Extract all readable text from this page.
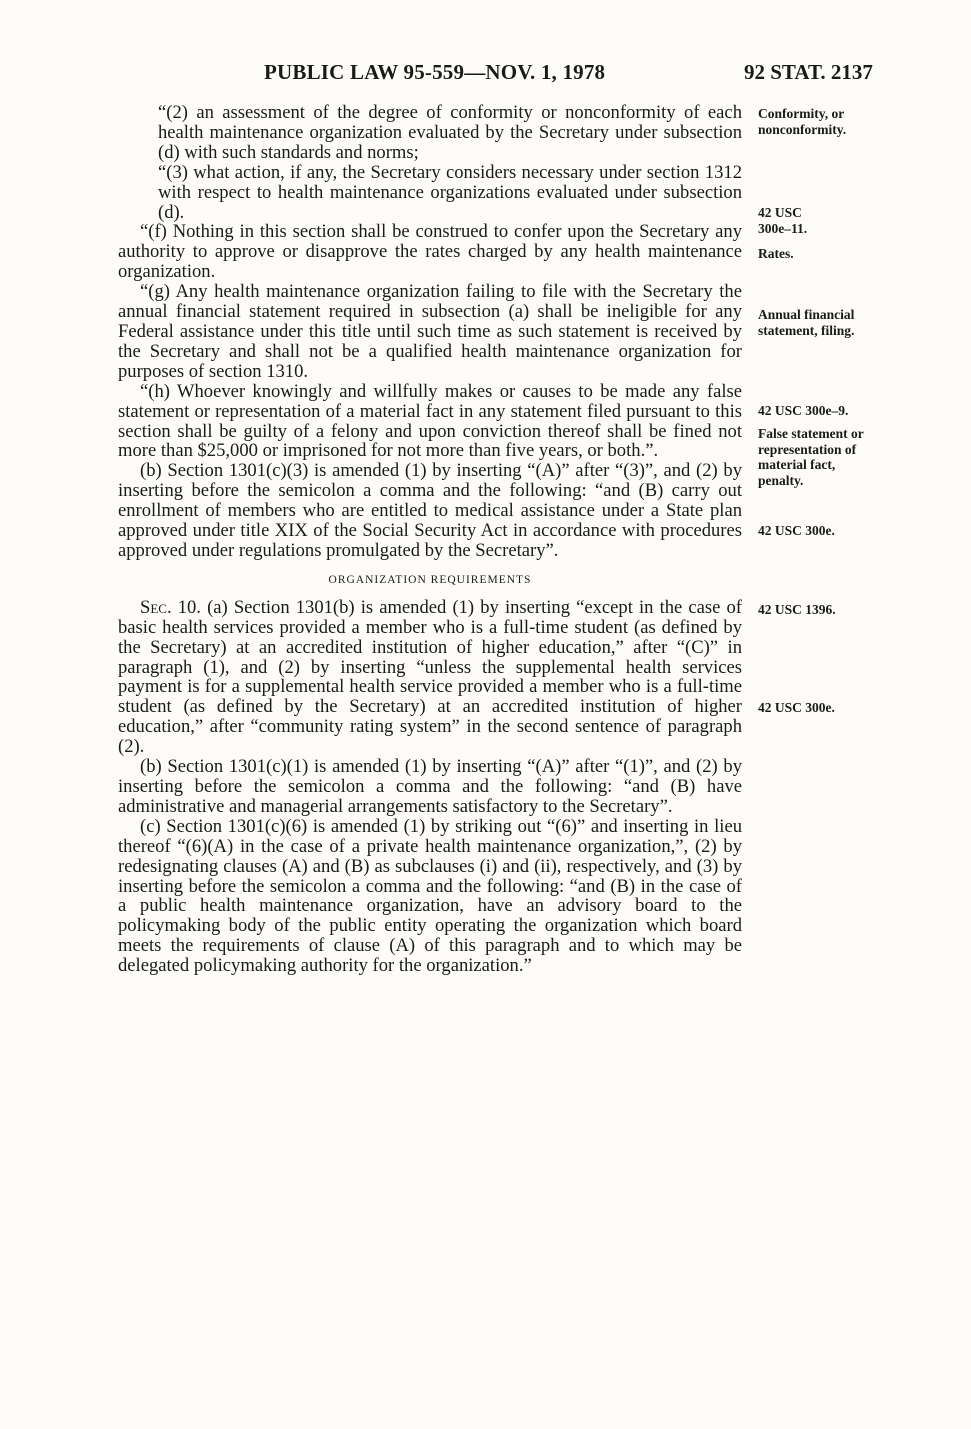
PUBLIC LAW 95-559—NOV. 1, 1978	92 STAT. 2137

“(2) an assessment of the degree of conformity or nonconformity of each health maintenance organization evaluated by the Secretary under subsection (d) with such standards and norms;

“(3) what action, if any, the Secretary considers necessary under section 1312 with respect to health maintenance organizations evaluated under subsection (d).

“(f) Nothing in this section shall be construed to confer upon the Secretary any authority to approve or disapprove the rates charged by any health maintenance organization.

“(g) Any health maintenance organization failing to file with the Secretary the annual financial statement required in subsection (a) shall be ineligible for any Federal assistance under this title until such time as such statement is received by the Secretary and shall not be a qualified health maintenance organization for purposes of section 1310.

“(h) Whoever knowingly and willfully makes or causes to be made any false statement or representation of a material fact in any statement filed pursuant to this section shall be guilty of a felony and upon conviction thereof shall be fined not more than $25,000 or imprisoned for not more than five years, or both.”.

(b) Section 1301(c)(3) is amended (1) by inserting “(A)” after “(3)”, and (2) by inserting before the semicolon a comma and the following: “and (B) carry out enrollment of members who are entitled to medical assistance under a State plan approved under title XIX of the Social Security Act in accordance with procedures approved under regulations promulgated by the Secretary”.

ORGANIZATION REQUIREMENTS

Sec. 10. (a) Section 1301(b) is amended (1) by inserting “except in the case of basic health services provided a member who is a full-time student (as defined by the Secretary) at an accredited institution of higher education,” after “(C)” in paragraph (1), and (2) by inserting “unless the supplemental health services payment is for a supplemental health service provided a member who is a full-time student (as defined by the Secretary) at an accredited institution of higher education,” after “community rating system” in the second sentence of paragraph (2).

(b) Section 1301(c)(1) is amended (1) by inserting “(A)” after “(1)”, and (2) by inserting before the semicolon a comma and the following: “and (B) have administrative and managerial arrangements satisfactory to the Secretary”.

(c) Section 1301(c)(6) is amended (1) by striking out “(6)” and inserting in lieu thereof “(6)(A) in the case of a private health maintenance organization,”, (2) by redesignating clauses (A) and (B) as subclauses (i) and (ii), respectively, and (3) by inserting before the semicolon a comma and the following: “and (B) in the case of a public health maintenance organization, have an advisory board to the policymaking body of the public entity operating the organization which board meets the requirements of clause (A) of this paragraph and to which may be delegated policymaking authority for the organization.”

Conformity, or nonconformity.
42 USC 300e–11.
Rates.
Annual financial statement, filing.
42 USC 300e–9.
False statement or representation of material fact, penalty.
42 USC 300e.
42 USC 1396.
42 USC 300e.
